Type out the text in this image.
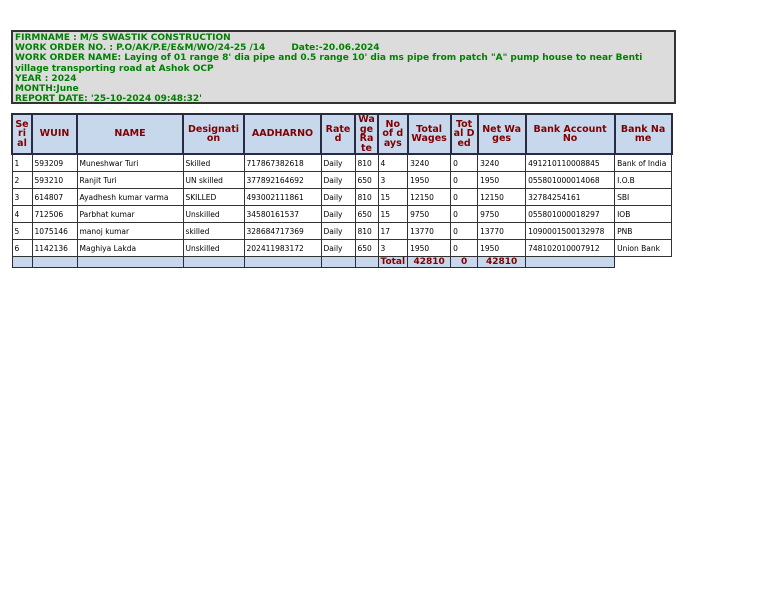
FIRMNAME : M/S SWASTIK CONSTRUCTION
WORK ORDER NO. : P.O/AK/P.E/E&M/WO/24-25 /14	Date:-20.06.2024
WORK ORDER NAME: Laying of 01 range 8' dia pipe and 0.5 range 10' dia ms pipe from patch "A" pump house to near Benti village transporting road at Ashok OCP
YEAR : 2024
MONTH:June
REPORT DATE: '25-10-2024 09:48:32'
Serial	WUIN	NAME	Designation	AADHARNO	Rated	Wage Rate	No of days	Total Wages	Total Ded	Net Wages	Bank Account No	Bank Name
1	593209	Muneshwar Turi	Skilled	717867382618	Daily	810	4	3240	0	3240	491210110008845	Bank of India
2	593210	Ranjit Turi	UN skilled	377892164692	Daily	650	3	1950	0	1950	055801000014068	I.O.B
3	614807	Ayadhesh kumar varma	SKILLED	493002111861	Daily	810	15	12150	0	12150	32784254161	SBI
4	712506	Parbhat kumar	Unskilled	34580161537	Daily	650	15	9750	0	9750	055801000018297	IOB
5	1075146	manoj kumar	skilled	328684717369	Daily	810	17	13770	0	13770	1090001500132978	PNB
6	1142136	Maghiya Lakda	Unskilled	202411983172	Daily	650	3	1950	0	1950	748102010007912	Union Bank
							Total	42810	0	42810		
